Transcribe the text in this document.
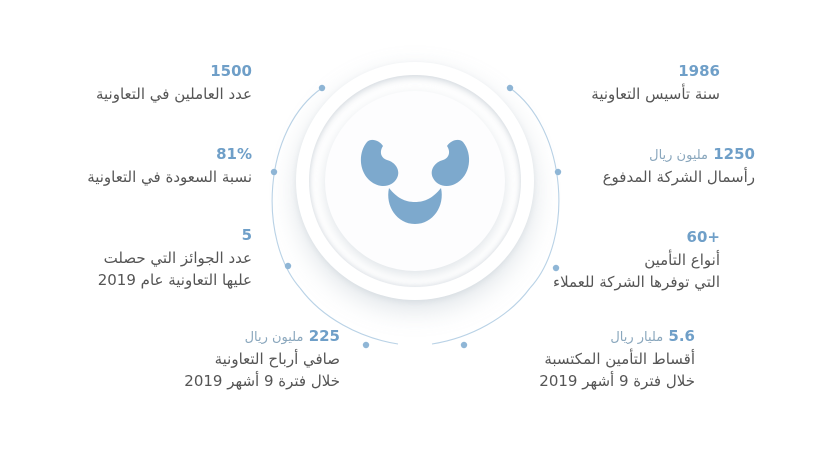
1500
عدد العاملين في التعاونية
81%
نسبة السعودة في التعاونية
5
عدد الجوائز التي حصلت
عليها التعاونية عام 2019
225 مليون ريال
صافي أرباح التعاونية
خلال فترة 9 أشهر 2019
1986
سنة تأسيس التعاونية
1250 مليون ريال
رأسمال الشركة المدفوع
+60
أنواع التأمين
التي توفرها الشركة للعملاء
5.6 مليار ريال
أقساط التأمين المكتسبة
خلال فترة 9 أشهر 2019
